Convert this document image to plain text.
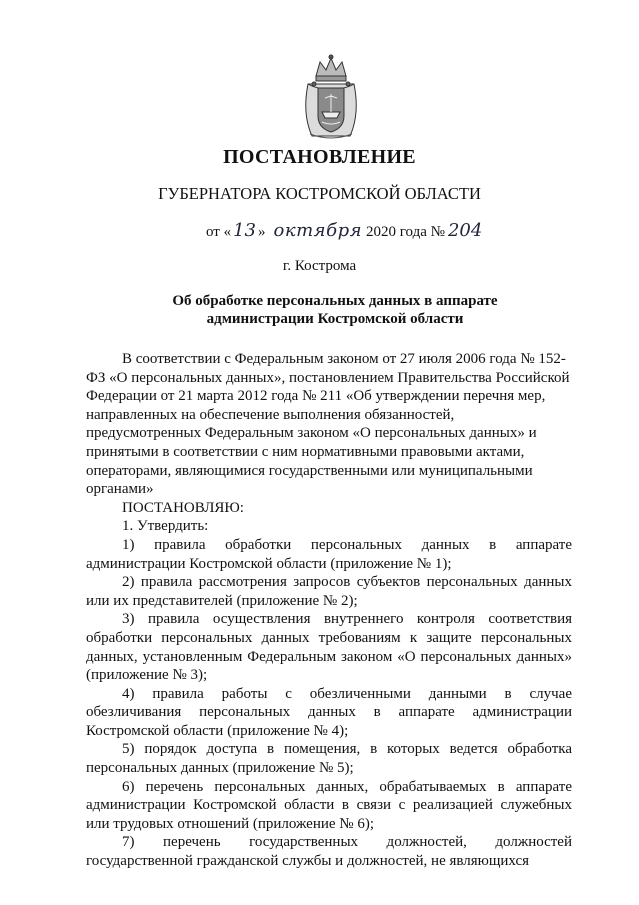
ПОСТАНОВЛЕНИЕ
ГУБЕРНАТОРА КОСТРОМСКОЙ ОБЛАСТИ
от « 13 » октября 2020 года № 204
г. Кострома
Об обработке персональных данных в аппарате
администрации Костромской области

В соответствии с Федеральным законом от 27 июля 2006 года № 152-ФЗ «О персональных данных», постановлением Правительства Российской Федерации от 21 марта 2012 года № 211 «Об утверждении перечня мер, направленных на обеспечение выполнения обязанностей, предусмотренных Федеральным законом «О персональных данных» и принятыми в соответствии с ним нормативными правовыми актами, операторами, являющимися государственными или муниципальными органами»

ПОСТАНОВЛЯЮ:

1. Утвердить:

1) правила обработки персональных данных в аппарате администрации Костромской области (приложение № 1);

2) правила рассмотрения запросов субъектов персональных данных или их представителей (приложение № 2);

3) правила осуществления внутреннего контроля соответствия обработки персональных данных требованиям к защите персональных данных, установленным Федеральным законом «О персональных данных» (приложение № 3);

4) правила работы с обезличенными данными в случае обезличивания персональных данных в аппарате администрации Костромской области (приложение № 4);

5) порядок доступа в помещения, в которых ведется обработка персональных данных (приложение № 5);

6) перечень персональных данных, обрабатываемых в аппарате администрации Костромской области в связи с реализацией служебных или трудовых отношений (приложение № 6);

7) перечень государственных должностей, должностей государственной гражданской службы и должностей, не являющихся
